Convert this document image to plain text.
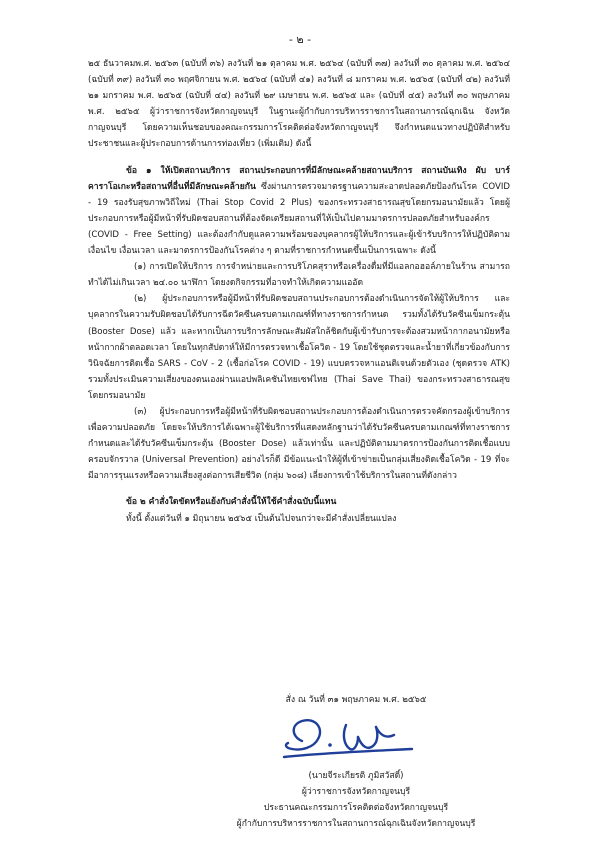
- ๒ -

๒๕ ธันวาคมพ.ศ. ๒๕๖๓ (ฉบับที่ ๓๖) ลงวันที่ ๒๑ ตุลาคม พ.ศ. ๒๕๖๔ (ฉบับที่ ๓๗) ลงวันที่ ๓๐ ตุลาคม พ.ศ. ๒๕๖๔ (ฉบับที่ ๓๙) ลงวันที่ ๓๐ พฤศจิกายน พ.ศ. ๒๕๖๔ (ฉบับที่ ๔๑) ลงวันที่ ๘ มกราคม พ.ศ. ๒๕๖๕ (ฉบับที่ ๔๒) ลงวันที่ ๒๑ มกราคม พ.ศ. ๒๕๖๕ (ฉบับที่ ๔๔) ลงวันที่ ๒๙ เมษายน พ.ศ. ๒๕๖๕ และ (ฉบับที่ ๔๕) ลงวันที่ ๓๐ พฤษภาคม พ.ศ. ๒๕๖๕ ผู้ว่าราชการจังหวัดกาญจนบุรี ในฐานะผู้กำกับการบริหารราชการในสถานการณ์ฉุกเฉิน จังหวัดกาญจนบุรี โดยความเห็นชอบของคณะกรรมการโรคติดต่อจังหวัดกาญจนบุรี จึงกำหนดแนวทางปฏิบัติสำหรับประชาชนและผู้ประกอบการด้านการท่องเที่ยว (เพิ่มเติม) ดังนี้

ข้อ ๑ ให้เปิดสถานบริการ สถานประกอบการที่มีลักษณะคล้ายสถานบริการ สถานบันเทิง ผับ บาร์ คาราโอเกะหรือสถานที่อื่นที่มีลักษณะคล้ายกัน ซึ่งผ่านการตรวจมาตรฐานความสะอาดปลอดภัยป้องกันโรค COVID - 19 รองรับสุขภาพวิถีใหม่ (Thai Stop Covid 2 Plus) ของกระทรวงสาธารณสุขโดยกรมอนามัยแล้ว โดยผู้ประกอบการหรือผู้มีหน้าที่รับผิดชอบสถานที่ต้องจัดเตรียมสถานที่ให้เป็นไปตามมาตรการปลอดภัยสำหรับองค์กร (COVID - Free Setting) และต้องกำกับดูแลความพร้อมของบุคลากรผู้ให้บริการและผู้เข้ารับบริการให้ปฏิบัติตามเงื่อนไข เงื่อนเวลา และมาตรการป้องกันโรคต่าง ๆ ตามที่ราชการกำหนดขึ้นเป็นการเฉพาะ ดังนี้

(๑) การเปิดให้บริการ การจำหน่ายและการบริโภคสุราหรือเครื่องดื่มที่มีแอลกอฮอล์ภายในร้าน สามารถทำได้ไม่เกินเวลา ๒๔.๐๐ นาฬิกา โดยงดกิจกรรมที่อาจทำให้เกิดความแออัด

(๒) ผู้ประกอบการหรือผู้มีหน้าที่รับผิดชอบสถานประกอบการต้องดำเนินการจัดให้ผู้ให้บริการ และบุคลากรในความรับผิดชอบได้รับการฉีดวัคซีนครบตามเกณฑ์ที่ทางราชการกำหนด รวมทั้งได้รับวัคซีนเข็มกระตุ้น (Booster Dose) แล้ว และหากเป็นการบริการลักษณะสัมผัสใกล้ชิดกับผู้เข้ารับการจะต้องสวมหน้ากากอนามัยหรือหน้ากากผ้าตลอดเวลา โดยในทุกสัปดาห์ให้มีการตรวจหาเชื้อโควิด - 19 โดยใช้ชุดตรวจและน้ำยาที่เกี่ยวข้องกับการวินิจฉัยการติดเชื้อ SARS - CoV - 2 (เชื้อก่อโรค COVID - 19) แบบตรวจหาแอนติเจนด้วยตัวเอง (ชุดตรวจ ATK) รวมทั้งประเมินความเสี่ยงของตนเองผ่านแอปพลิเคชันไทยเซฟไทย (Thai Save Thai) ของกระทรวงสาธารณสุขโดยกรมอนามัย

(๓) ผู้ประกอบการหรือผู้มีหน้าที่รับผิดชอบสถานประกอบการต้องดำเนินการตรวจคัดกรองผู้เข้าบริการเพื่อความปลอดภัย โดยจะให้บริการได้เฉพาะผู้ใช้บริการที่แสดงหลักฐานว่าได้รับวัคซีนครบตามเกณฑ์ที่ทางราชการกำหนดและได้รับวัคซีนเข็มกระตุ้น (Booster Dose) แล้วเท่านั้น และปฏิบัติตามมาตรการป้องกันการติดเชื้อแบบครอบจักรวาล (Universal Prevention) อย่างไรก็ดี มีข้อแนะนำให้ผู้ที่เข้าข่ายเป็นกลุ่มเสี่ยงติดเชื้อโควิด - 19 ที่จะมีอาการรุนแรงหรือความเสี่ยงสูงต่อการเสียชีวิต (กลุ่ม ๖๐๘) เลี่ยงการเข้าใช้บริการในสถานที่ดังกล่าว

ข้อ ๒ คำสั่งใดขัดหรือแย้งกับคำสั่งนี้ให้ใช้คำสั่งฉบับนี้แทน

ทั้งนี้ ตั้งแต่วันที่ ๑ มิถุนายน ๒๕๖๕ เป็นต้นไปจนกว่าจะมีคำสั่งเปลี่ยนแปลง

สั่ง ณ วันที่ ๓๑ พฤษภาคม พ.ศ. ๒๕๖๕
(นายจีระเกียรติ ภูมิสวัสดิ์)
ผู้ว่าราชการจังหวัดกาญจนบุรี
ประธานคณะกรรมการโรคติดต่อจังหวัดกาญจนบุรี
ผู้กำกับการบริหารราชการในสถานการณ์ฉุกเฉินจังหวัดกาญจนบุรี
